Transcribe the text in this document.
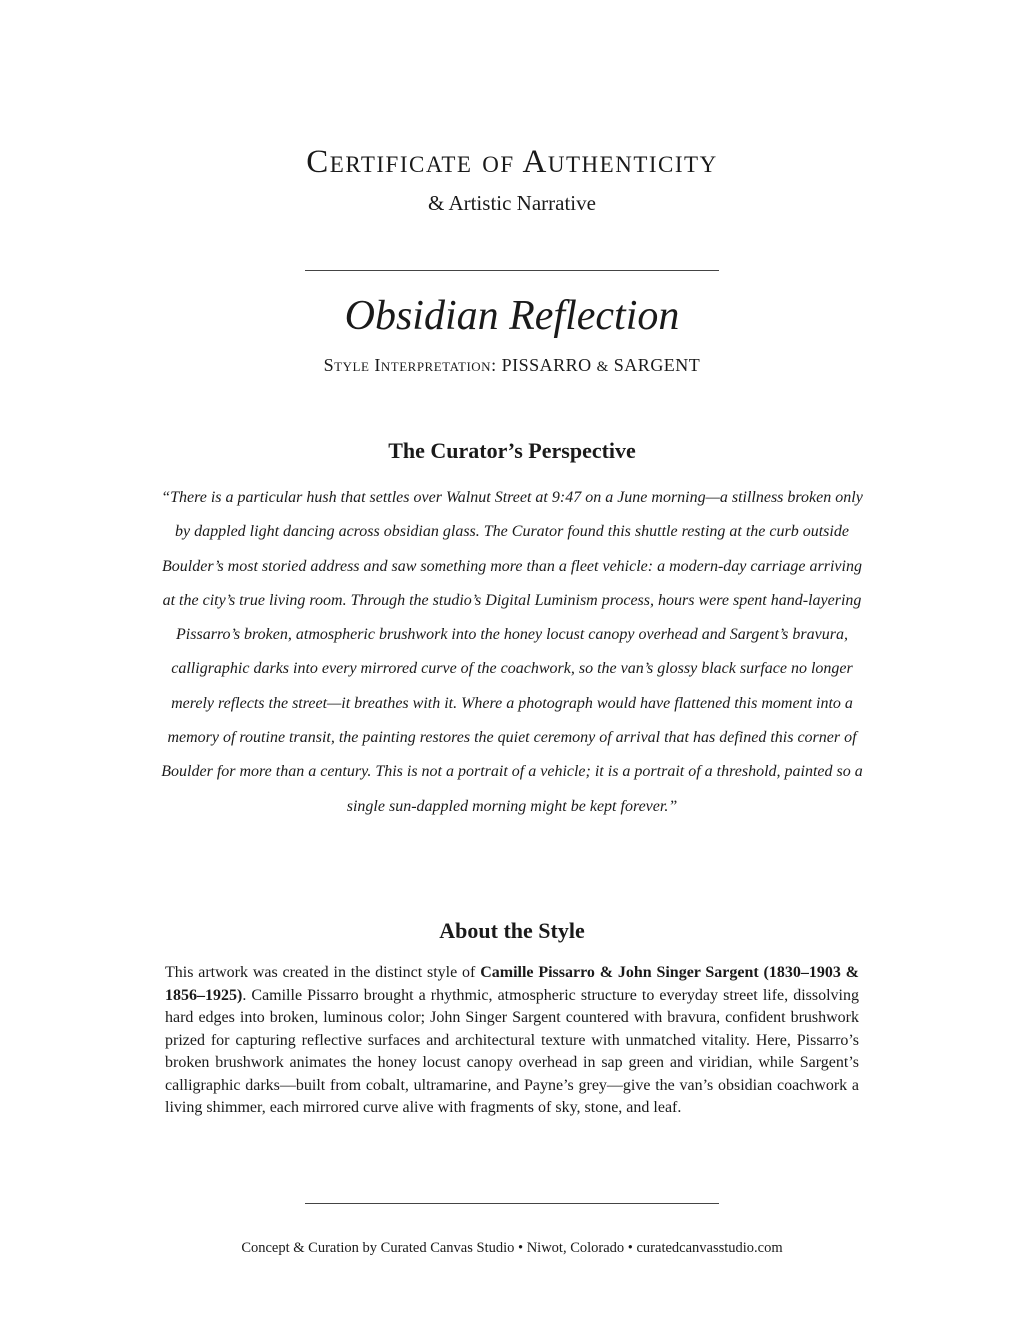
Certificate of Authenticity

& Artistic Narrative

Obsidian Reflection

Style Interpretation: PISSARRO & SARGENT

The Curator’s Perspective

“There is a particular hush that settles over Walnut Street at 9:47 on a June morning—a stillness broken only by dappled light dancing across obsidian glass. The Curator found this shuttle resting at the curb outside Boulder’s most storied address and saw something more than a fleet vehicle: a modern-day carriage arriving at the city’s true living room. Through the studio’s Digital Luminism process, hours were spent hand-layering Pissarro’s broken, atmospheric brushwork into the honey locust canopy overhead and Sargent’s bravura, calligraphic darks into every mirrored curve of the coachwork, so the van’s glossy black surface no longer merely reflects the street—it breathes with it. Where a photograph would have flattened this moment into a memory of routine transit, the painting restores the quiet ceremony of arrival that has defined this corner of Boulder for more than a century. This is not a portrait of a vehicle; it is a portrait of a threshold, painted so a single sun-dappled morning might be kept forever.”

About the Style

This artwork was created in the distinct style of Camille Pissarro & John Singer Sargent (1830–1903 & 1856–1925). Camille Pissarro brought a rhythmic, atmospheric structure to everyday street life, dissolving hard edges into broken, luminous color; John Singer Sargent countered with bravura, confident brushwork prized for capturing reflective surfaces and architectural texture with unmatched vitality. Here, Pissarro’s broken brushwork animates the honey locust canopy overhead in sap green and viridian, while Sargent’s calligraphic darks—built from cobalt, ultramarine, and Payne’s grey—give the van’s obsidian coachwork a living shimmer, each mirrored curve alive with fragments of sky, stone, and leaf.

Concept & Curation by Curated Canvas Studio • Niwot, Colorado • curatedcanvasstudio.com
